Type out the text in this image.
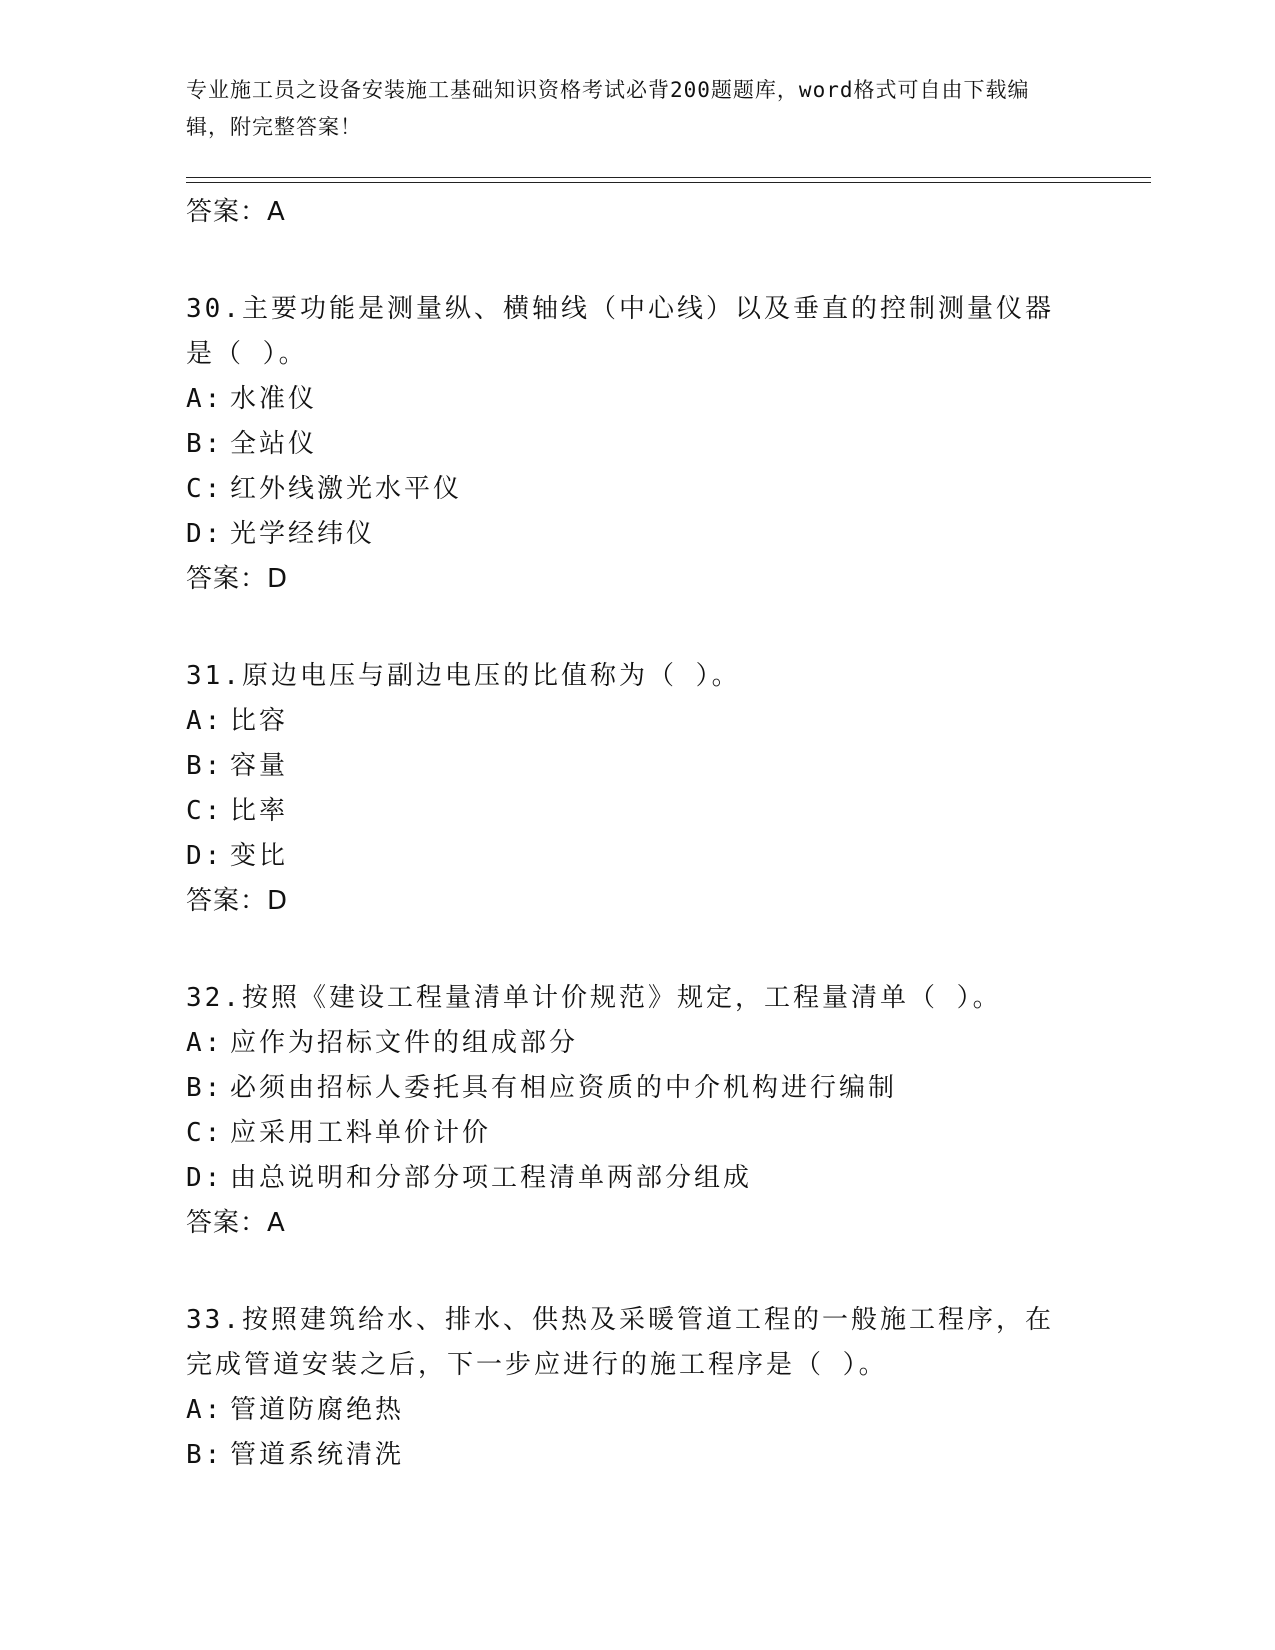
专业施工员之设备安装施工基础知识资格考试必背200题题库，word格式可自由下载编辑，附完整答案！
答案：A
30.主要功能是测量纵、横轴线（中心线）以及垂直的控制测量仪器是（ ）。
A: 水准仪
B: 全站仪
C: 红外线激光水平仪
D: 光学经纬仪
答案：D
31.原边电压与副边电压的比值称为（ ）。
A: 比容
B: 容量
C: 比率
D: 变比
答案：D
32.按照《建设工程量清单计价规范》规定，工程量清单（ ）。
A: 应作为招标文件的组成部分
B: 必须由招标人委托具有相应资质的中介机构进行编制
C: 应采用工料单价计价
D: 由总说明和分部分项工程清单两部分组成
答案：A
33.按照建筑给水、排水、供热及采暖管道工程的一般施工程序，在完成管道安装之后，下一步应进行的施工程序是（ ）。
A: 管道防腐绝热
B: 管道系统清洗
